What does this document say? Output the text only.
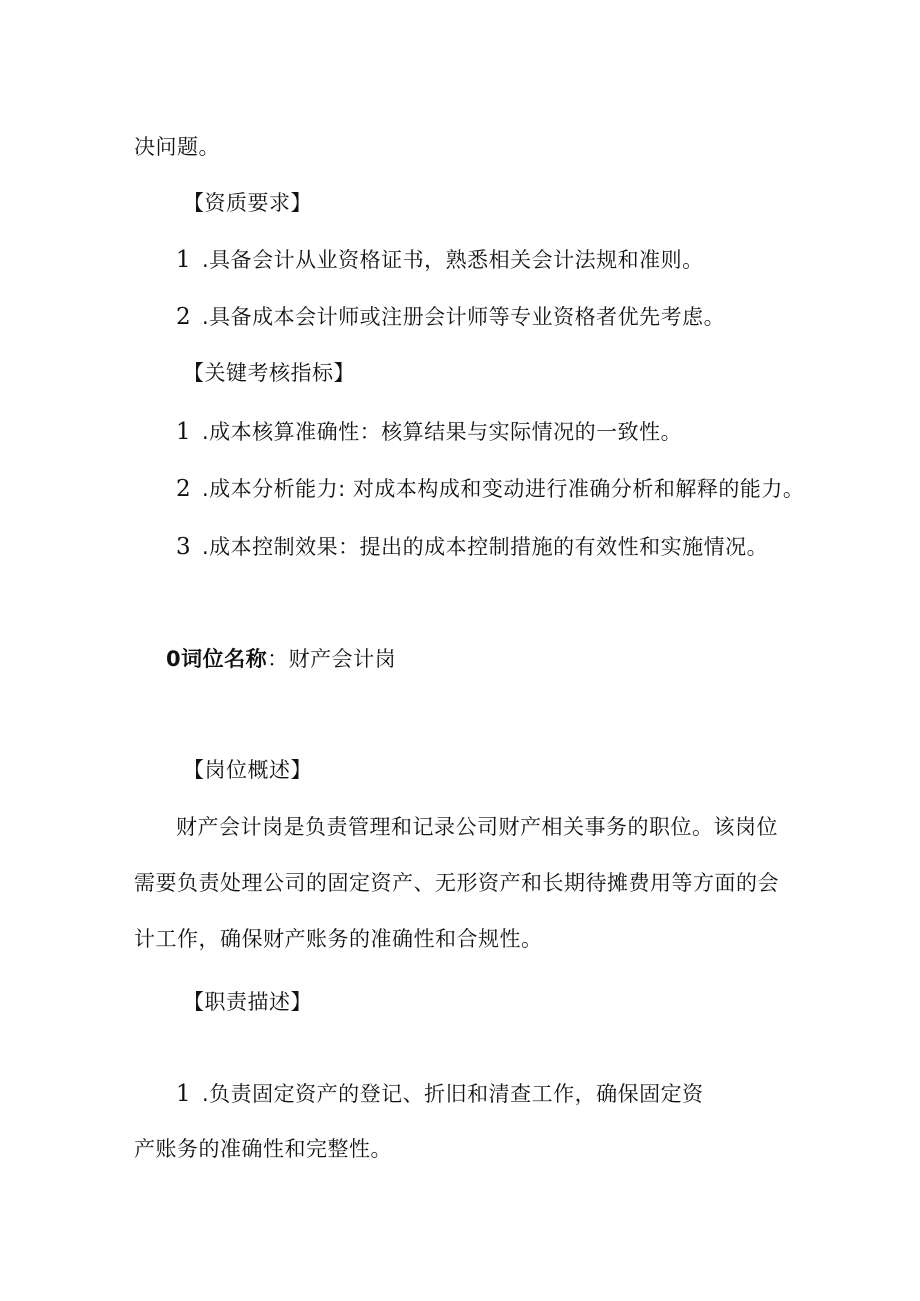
决问题。
【资质要求】
1 .具备会计从业资格证书，熟悉相关会计法规和准则。
2 .具备成本会计师或注册会计师等专业资格者优先考虑。
【关键考核指标】
1 .成本核算准确性：核算结果与实际情况的一致性。
2 .成本分析能力: 对成本构成和变动进行准确分析和解释的能力。
3 .成本控制效果：提出的成本控制措施的有效性和实施情况。
0词位名称：财产会计岗
【岗位概述】
财产会计岗是负责管理和记录公司财产相关事务的职位。该岗位
需要负责处理公司的固定资产、无形资产和长期待摊费用等方面的会
计工作，确保财产账务的准确性和合规性。
【职责描述】
1 .负责固定资产的登记、折旧和清查工作，确保固定资
产账务的准确性和完整性。
